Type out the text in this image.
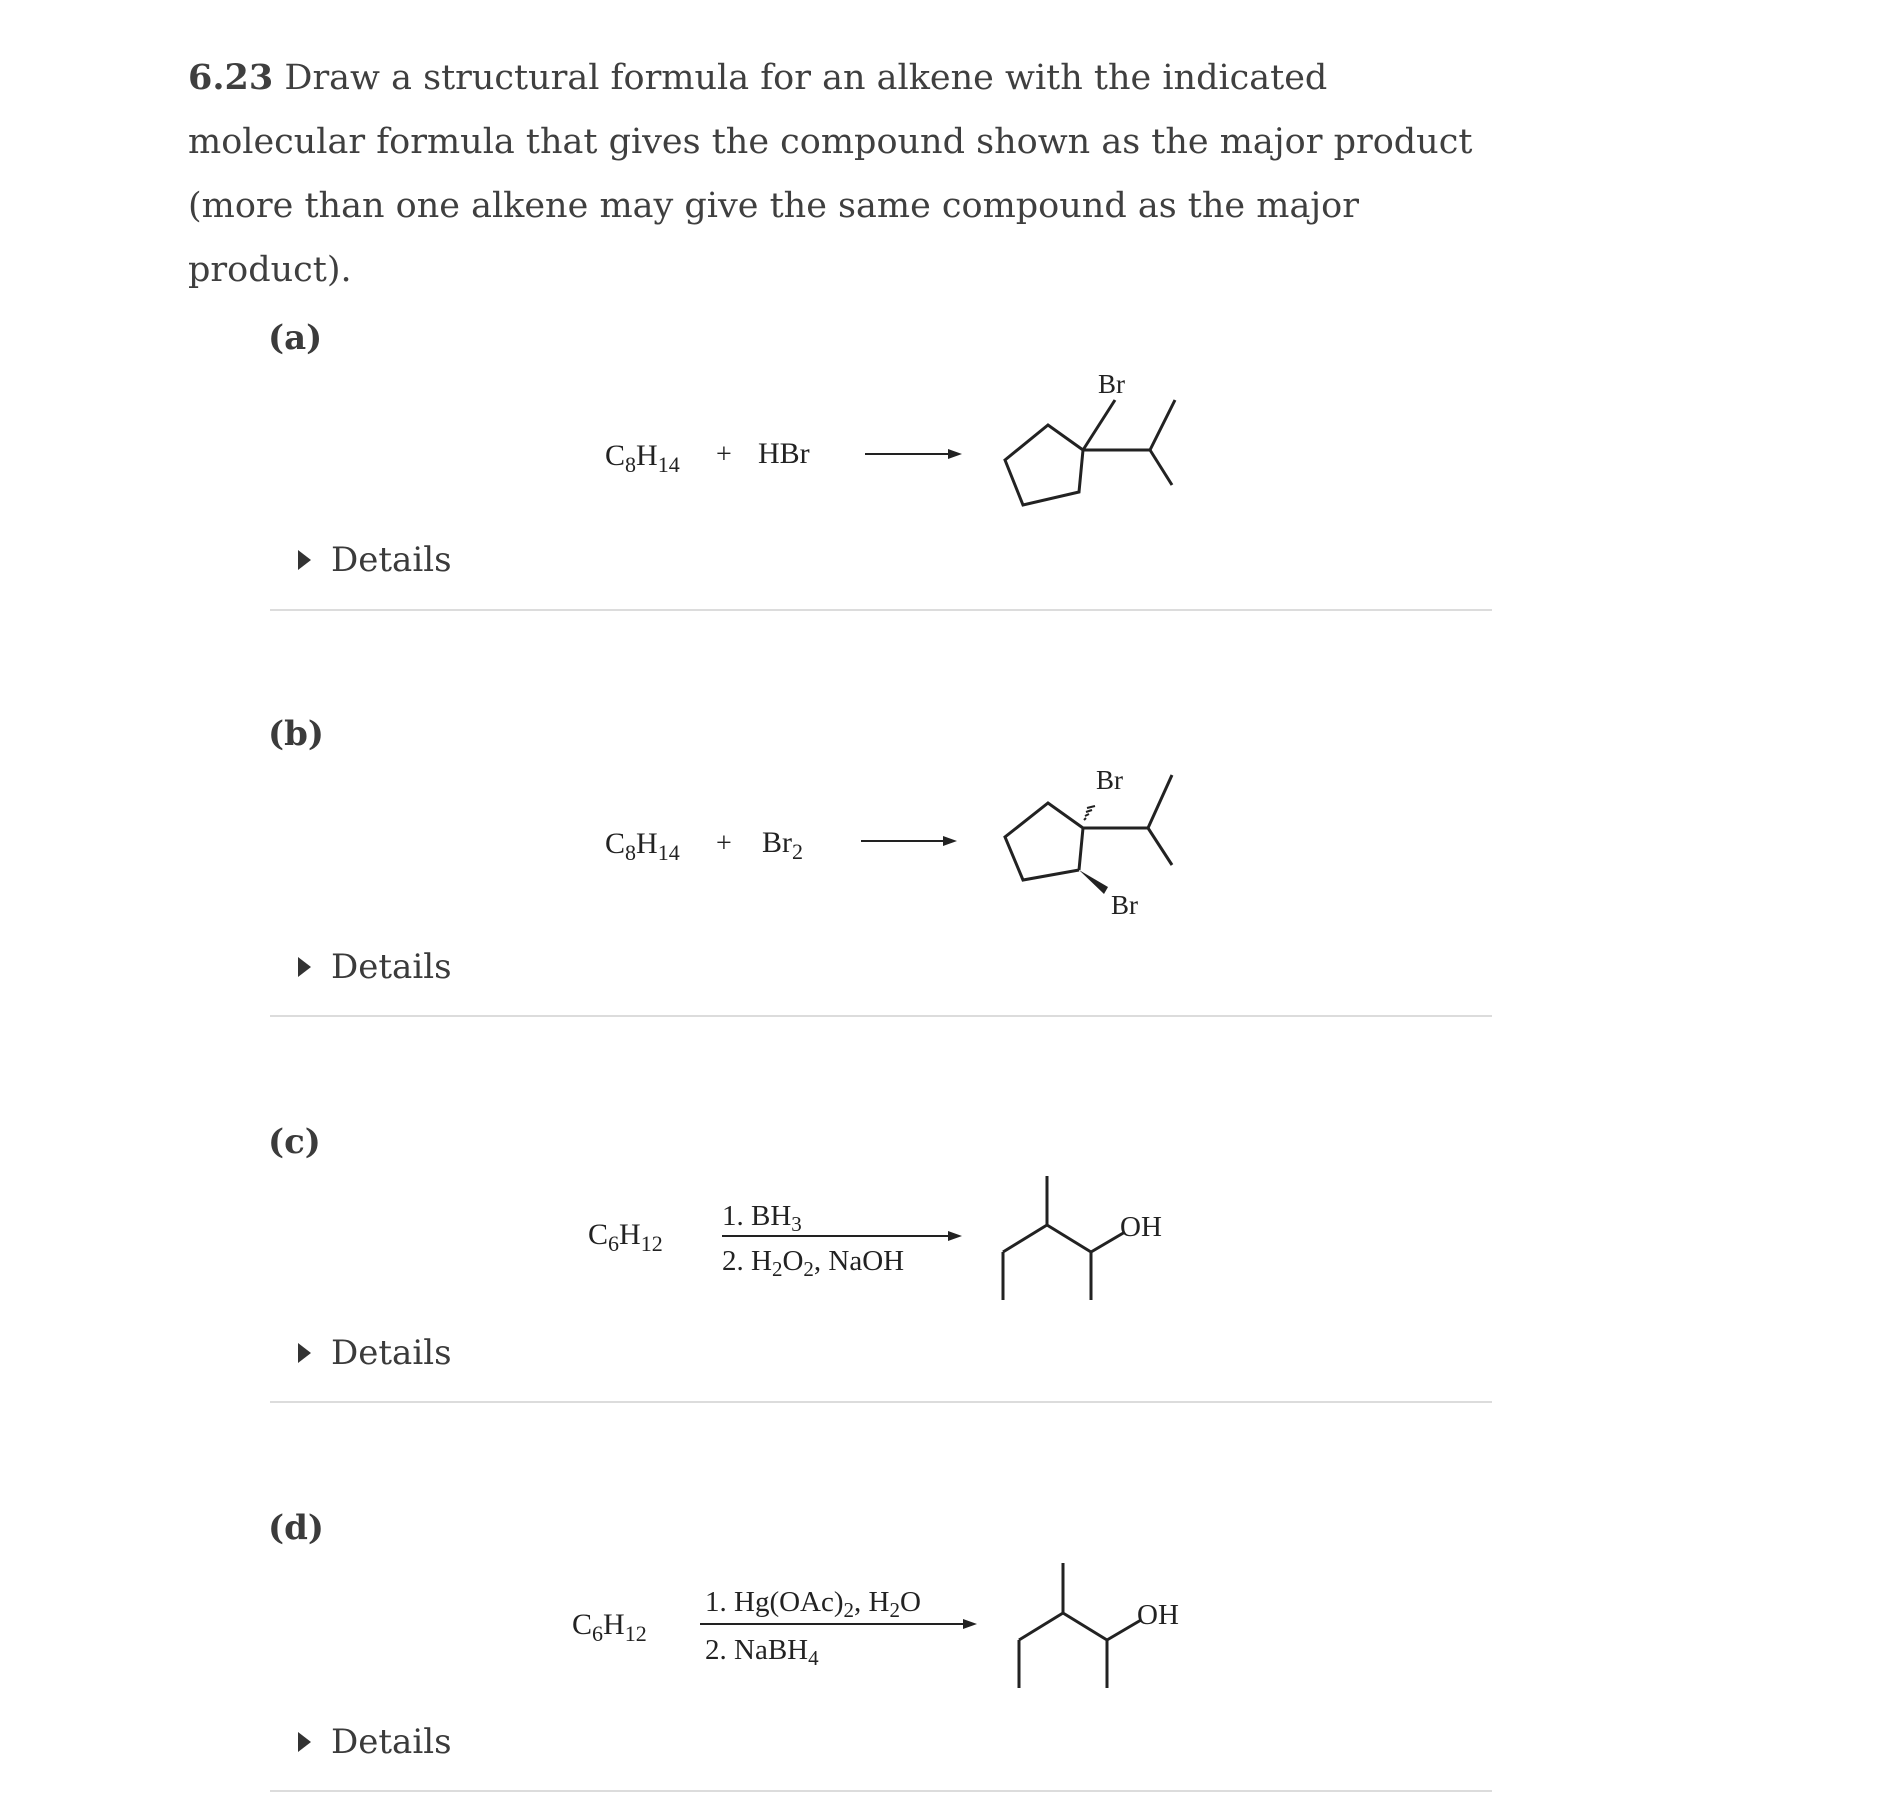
6.23 Draw a structural formula for an alkene with the indicated molecular formula that gives the compound shown as the major product (more than one alkene may give the same compound as the major product).

(a)
$C_8H_{14}$ + HBr
Br
Details
(b)
$C_8H_{14} + Br_2$
Br
Br
Details
(c)
$C_6H_{12}$
1. $BH_3$
2. $H_2O_2$, NaOH
OH
Details
(d)
$C_6H_{12}$
1. $Hg(OAc)_2$, $H_2O$
2. NaBH$_4$
OH
Details
